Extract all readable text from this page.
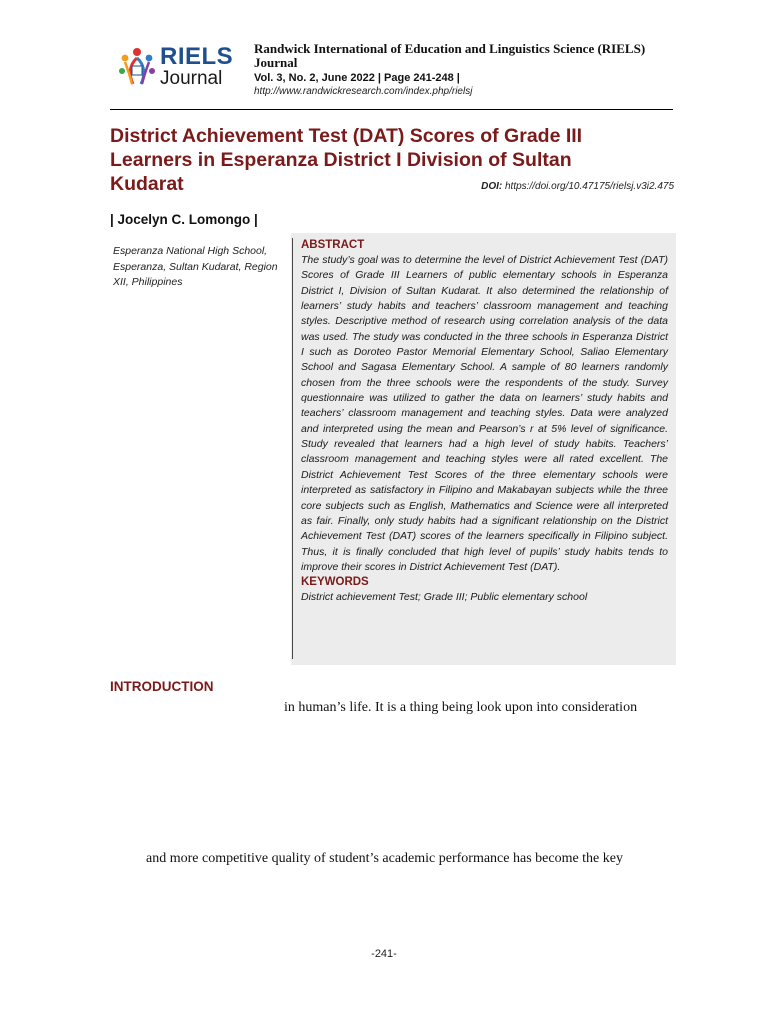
RIELS
Journal
Randwick International of Education and Linguistics Science (RIELS) Journal
Vol. 3, No. 2, June 2022 | Page 241-248 |
http://www.randwickresearch.com/index.php/rielsj
District Achievement Test (DAT) Scores of Grade III Learners in Esperanza District I Division of Sultan Kudarat	DOI: https://doi.org/10.47175/rielsj.v3i2.475
| Jocelyn C. Lomongo |
Esperanza National High School, Esperanza, Sultan Kudarat, Region XII, Philippines
ABSTRACT

The study’s goal was to determine the level of District Achievement Test (DAT) Scores of Grade III Learners of public elementary schools in Esperanza District I, Division of Sultan Kudarat. It also determined the relationship of learners’ study habits and teachers’ classroom management and teaching styles. Descriptive method of research using correlation analysis of the data was used. The study was conducted in the three schools in Esperanza District I such as Doroteo Pastor Memorial Elementary School, Saliao Elementary School and Sagasa Elementary School. A sample of 80 learners randomly chosen from the three schools were the respondents of the study. Survey questionnaire was utilized to gather the data on learners’ study habits and teachers’ classroom management and teaching styles. Data were analyzed and interpreted using the mean and Pearson’s r at 5% level of significance. Study revealed that learners had a high level of study habits. Teachers’ classroom management and teaching styles were all rated excellent. The District Achievement Test Scores of the three elementary schools were interpreted as satisfactory in Filipino and Makabayan subjects while the three core subjects such as English, Mathematics and Science were all interpreted as fair. Finally, only study habits had a significant relationship on the District Achievement Test (DAT) scores of the learners specifically in Filipino subject. Thus, it is finally concluded that high level of pupils’ study habits tends to improve their scores in District Achievement Test (DAT).

KEYWORDS

District achievement Test; Grade III; Public elementary school

INTRODUCTION
in human’s life. It is a thing being look upon into consideration
and more competitive quality of student’s academic performance has become the key
-241-
